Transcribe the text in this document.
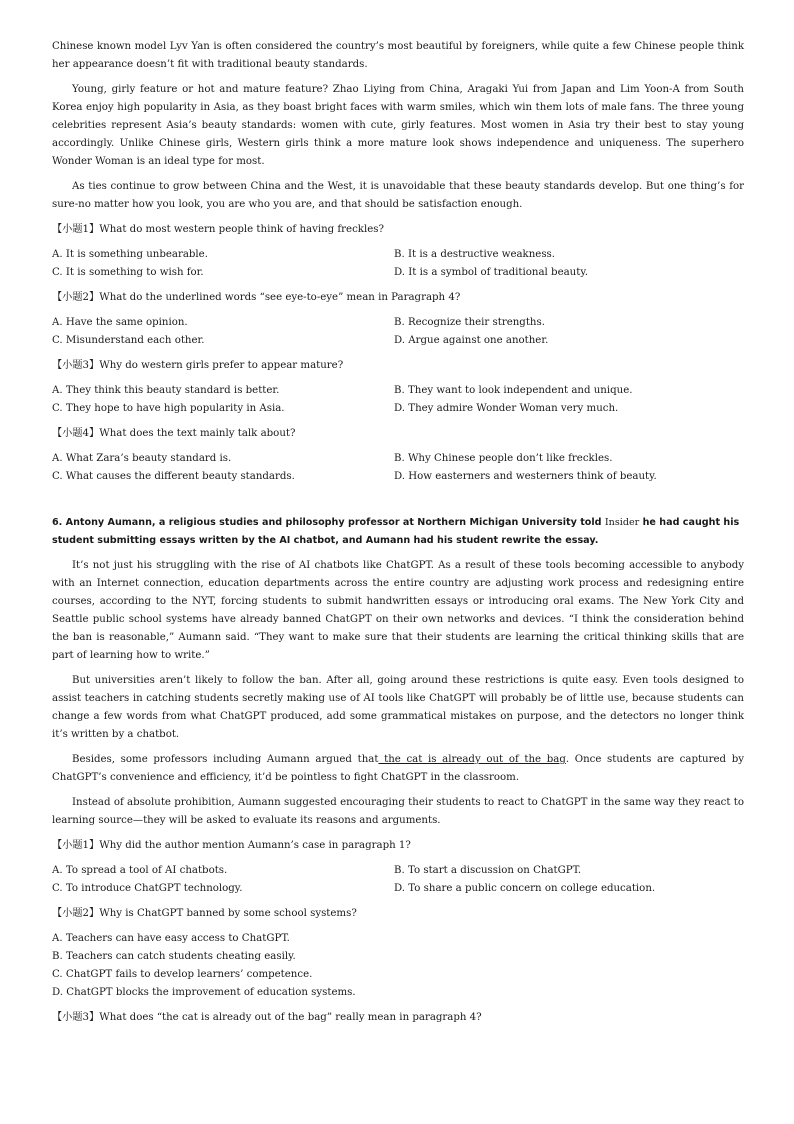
Chinese known model Lyv Yan is often considered the country’s most beautiful by foreigners, while quite a few Chinese people think her appearance doesn’t fit with traditional beauty standards.

Young, girly feature or hot and mature feature? Zhao Liying from China, Aragaki Yui from Japan and Lim Yoon-A from South Korea enjoy high popularity in Asia, as they boast bright faces with warm smiles, which win them lots of male fans. The three young celebrities represent Asia’s beauty standards: women with cute, girly features. Most women in Asia try their best to stay young accordingly. Unlike Chinese girls, Western girls think a more mature look shows independence and uniqueness. The superhero Wonder Woman is an ideal type for most.

As ties continue to grow between China and the West, it is unavoidable that these beauty standards develop. But one thing’s for sure-no matter how you look, you are who you are, and that should be satisfaction enough.

【小题1】What do most western people think of having freckles?
A. It is something unbearable.	B. It is a destructive weakness.
C. It is something to wish for.	D. It is a symbol of traditional beauty.
【小题2】What do the underlined words “see eye-to-eye” mean in Paragraph 4?
A. Have the same opinion.	B. Recognize their strengths.
C. Misunderstand each other.	D. Argue against one another.
【小题3】Why do western girls prefer to appear mature?
A. They think this beauty standard is better.	B. They want to look independent and unique.
C. They hope to have high popularity in Asia.	D. They admire Wonder Woman very much.
【小题4】What does the text mainly talk about?
A. What Zara’s beauty standard is.	B. Why Chinese people don’t like freckles.
C. What causes the different beauty standards.	D. How easterners and westerners think of beauty.
6. Antony Aumann, a religious studies and philosophy professor at Northern Michigan University told Insider he had caught his student submitting essays written by the AI chatbot, and Aumann had his student rewrite the essay.

It’s not just his struggling with the rise of AI chatbots like ChatGPT. As a result of these tools becoming accessible to anybody with an Internet connection, education departments across the entire country are adjusting work process and redesigning entire courses, according to the NYT, forcing students to submit handwritten essays or introducing oral exams. The New York City and Seattle public school systems have already banned ChatGPT on their own networks and devices. “I think the consideration behind the ban is reasonable,” Aumann said. “They want to make sure that their students are learning the critical thinking skills that are part of learning how to write.”

But universities aren’t likely to follow the ban. After all, going around these restrictions is quite easy. Even tools designed to assist teachers in catching students secretly making use of AI tools like ChatGPT will probably be of little use, because students can change a few words from what ChatGPT produced, add some grammatical mistakes on purpose, and the detectors no longer think it’s written by a chatbot.

Besides, some professors including Aumann argued that the cat is already out of the bag. Once students are captured by ChatGPT’s convenience and efficiency, it’d be pointless to fight ChatGPT in the classroom.

Instead of absolute prohibition, Aumann suggested encouraging their students to react to ChatGPT in the same way they react to learning source—they will be asked to evaluate its reasons and arguments.

【小题1】Why did the author mention Aumann’s case in paragraph 1?
A. To spread a tool of AI chatbots.	B. To start a discussion on ChatGPT.
C. To introduce ChatGPT technology.	D. To share a public concern on college education.
【小题2】Why is ChatGPT banned by some school systems?
A. Teachers can have easy access to ChatGPT.
B. Teachers can catch students cheating easily.
C. ChatGPT fails to develop learners’ competence.
D. ChatGPT blocks the improvement of education systems.
【小题3】What does “the cat is already out of the bag” really mean in paragraph 4?
